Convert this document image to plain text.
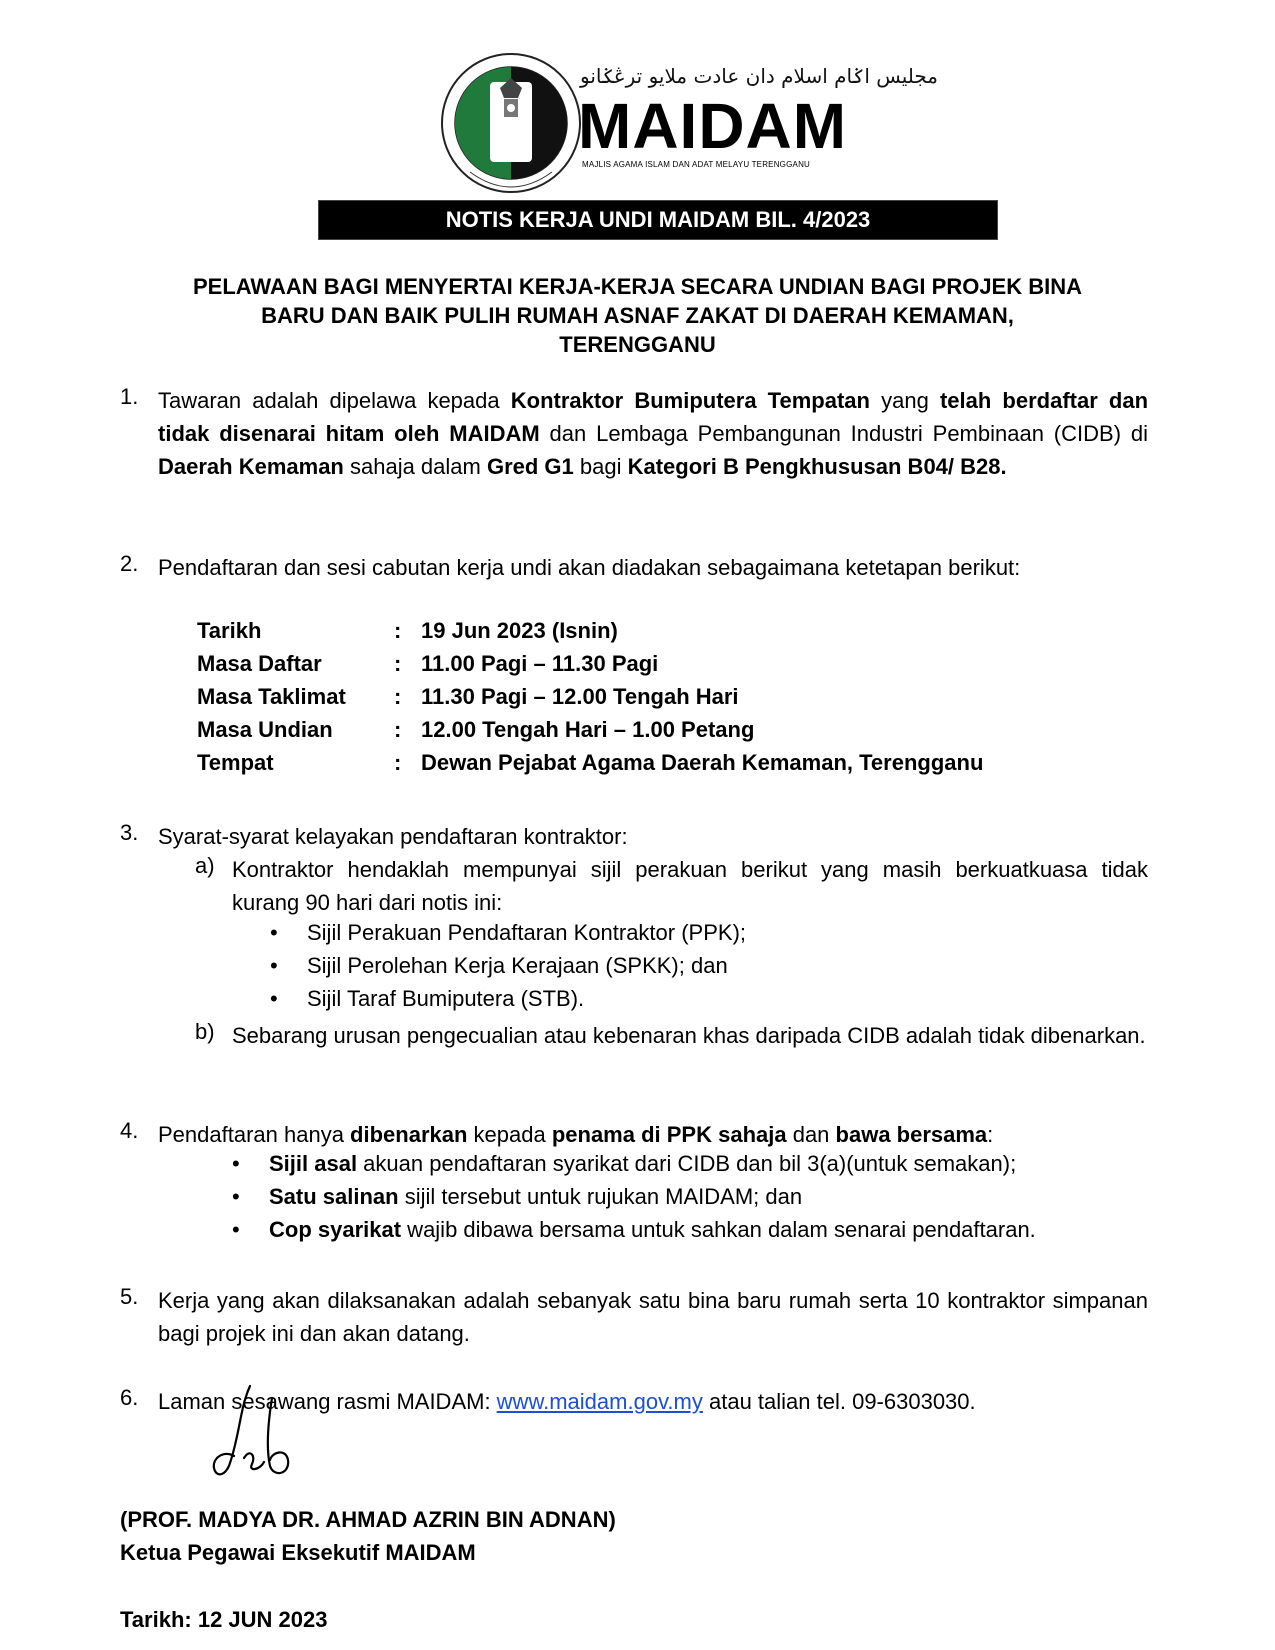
مجليس اݢام اسلام دان عادت ملايو ترڠݢانو
MAIDAM
MAJLIS AGAMA ISLAM DAN ADAT MELAYU TERENGGANU
NOTIS KERJA UNDI MAIDAM BIL. 4/2023
PELAWAAN BAGI MENYERTAI KERJA-KERJA SECARA UNDIAN BAGI PROJEK BINA
BARU DAN BAIK PULIH RUMAH ASNAF ZAKAT DI DAERAH KEMAMAN,
TERENGGANU
1. Tawaran adalah dipelawa kepada Kontraktor Bumiputera Tempatan yang telah berdaftar dan tidak disenarai hitam oleh MAIDAM dan Lembaga Pembangunan Industri Pembinaan (CIDB) di Daerah Kemaman sahaja dalam Gred G1 bagi Kategori B Pengkhususan B04/ B28.
2. Pendaftaran dan sesi cabutan kerja undi akan diadakan sebagaimana ketetapan berikut:
Tarikh	: 19 Jun 2023 (Isnin)
Masa Daftar	: 11.00 Pagi – 11.30 Pagi
Masa Taklimat : 11.30 Pagi – 12.00 Tengah Hari
Masa Undian	: 12.00 Tengah Hari – 1.00 Petang
Tempat	: Dewan Pejabat Agama Daerah Kemaman, Terengganu
3. Syarat-syarat kelayakan pendaftaran kontraktor:
a) Kontraktor hendaklah mempunyai sijil perakuan berikut yang masih berkuatkuasa tidak kurang 90 hari dari notis ini:
• Sijil Perakuan Pendaftaran Kontraktor (PPK);
• Sijil Perolehan Kerja Kerajaan (SPKK); dan
• Sijil Taraf Bumiputera (STB).
b) Sebarang urusan pengecualian atau kebenaran khas daripada CIDB adalah tidak dibenarkan.
4. Pendaftaran hanya dibenarkan kepada penama di PPK sahaja dan bawa bersama:
• Sijil asal akuan pendaftaran syarikat dari CIDB dan bil 3(a)(untuk semakan);
• Satu salinan sijil tersebut untuk rujukan MAIDAM; dan
• Cop syarikat wajib dibawa bersama untuk sahkan dalam senarai pendaftaran.
5. Kerja yang akan dilaksanakan adalah sebanyak satu bina baru rumah serta 10 kontraktor simpanan bagi projek ini dan akan datang.
6. Laman sesawang rasmi MAIDAM: www.maidam.gov.my atau talian tel. 09-6303030.
(PROF. MADYA DR. AHMAD AZRIN BIN ADNAN)
Ketua Pegawai Eksekutif MAIDAM
Tarikh: 12 JUN 2023
